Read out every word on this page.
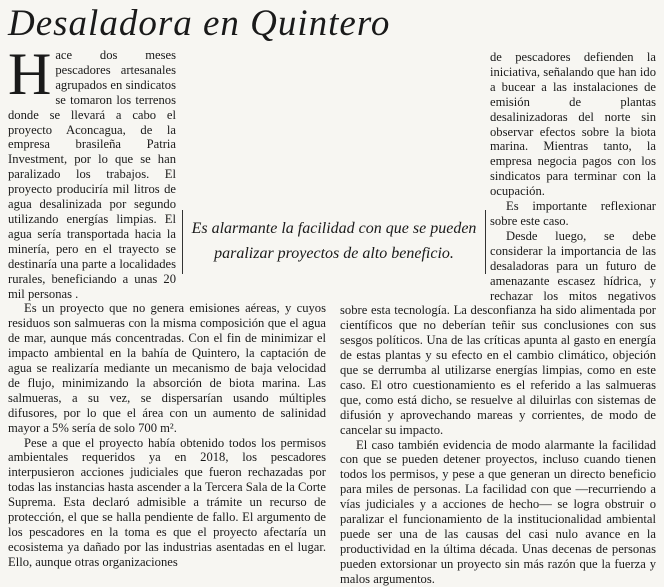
Desaladora en Quintero

Hace dos meses pescadores artesanales agrupados en sindicatos se tomaron los terrenos donde se llevará a cabo el proyecto Aconcagua, de la empresa brasileña Patria Investment, por lo que se han paralizado los trabajos. El proyecto produciría mil litros de agua desalinizada por segundo utilizando energías limpias. El agua sería transportada hacia la minería, pero en el trayecto se destinaría una parte a localidades rurales, beneficiando a unas 20 mil personas .

Es un proyecto que no genera emisiones aéreas, y cuyos residuos son salmueras con la misma composición que el agua de mar, aunque más concentradas. Con el fin de minimizar el impacto ambiental en la bahía de Quintero, la captación de agua se realizaría mediante un mecanismo de baja velocidad de flujo, minimizando la absorción de biota marina. Las salmueras, a su vez, se dispersarían usando múltiples difusores, por lo que el área con un aumento de salinidad mayor a 5% sería de solo 700 m².

Pese a que el proyecto había obtenido todos los permisos ambientales requeridos ya en 2018, los pescadores interpusieron acciones judiciales que fueron rechazadas por todas las instancias hasta ascender a la Tercera Sala de la Corte Suprema. Esta declaró admisible a trámite un recurso de protección, el que se halla pendiente de fallo. El argumento de los pescadores en la toma es que el proyecto afectaría un ecosistema ya dañado por las industrias asentadas en el lugar. Ello, aunque otras organizaciones

de pescadores defienden la iniciativa, señalando que han ido a bucear a las instalaciones de emisión de plantas desalinizadoras del norte sin observar efectos sobre la biota marina. Mientras tanto, la empresa negocia pagos con los sindicatos para terminar con la ocupación.

Es importante reflexionar sobre este caso.

Desde luego, se debe considerar la importancia de las desaladoras para un futuro de amenazante escasez hídrica, y rechazar los mitos negativos sobre esta tecnología. La desconfianza ha sido alimentada por científicos que no deberían teñir sus conclusiones con sus sesgos políticos. Una de las críticas apunta al gasto en energía de estas plantas y su efecto en el cambio climático, objeción que se derrumba al utilizarse energías limpias, como en este caso. El otro cuestionamiento es el referido a las salmueras que, como está dicho, se resuelve al diluirlas con sistemas de difusión y aprovechando mareas y corrientes, de modo de cancelar su impacto.

El caso también evidencia de modo alarmante la facilidad con que se pueden detener proyectos, incluso cuando tienen todos los permisos, y pese a que generan un directo beneficio para miles de personas. La facilidad con que —recurriendo a vías judiciales y a acciones de hecho— se logra obstruir o paralizar el funcionamiento de la institucionalidad ambiental puede ser una de las causas del casi nulo avance en la productividad en la última década. Unas decenas de personas pueden extorsionar un proyecto sin más razón que la fuerza y malos argumentos.

Es alarmante la facilidad con que se pueden
paralizar proyectos de alto beneficio.
